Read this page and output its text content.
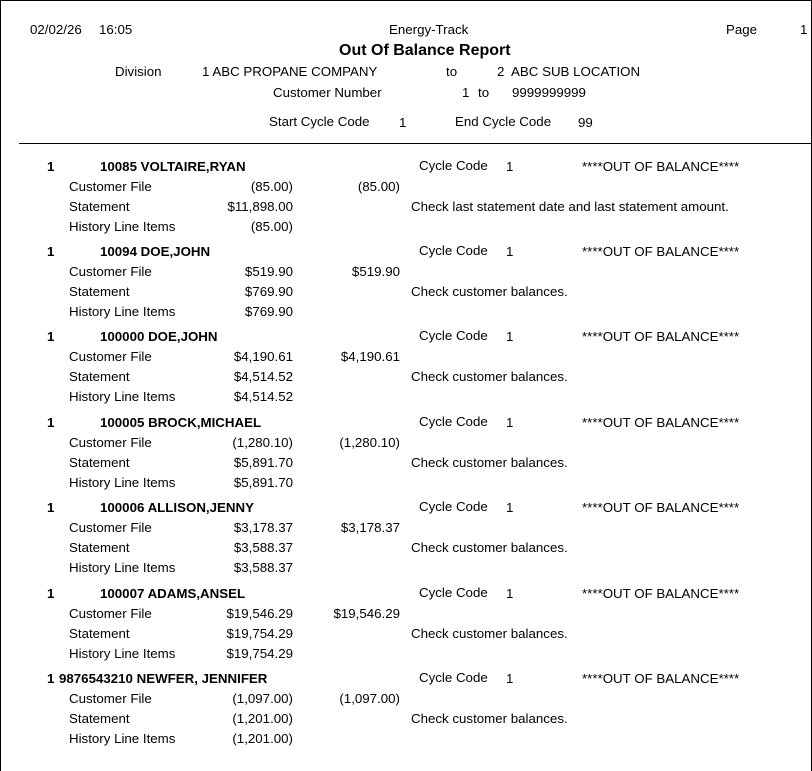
02/02/26 16:05	Energy-Track	Page	1
Out Of Balance Report
Division	1 ABC PROPANE COMPANY	to	2  ABC SUB LOCATION
Customer Number	1 to 9999999999
Start Cycle Code 1	End Cycle Code 99
1	10085 VOLTAIRE,RYAN	Cycle Code 1	****OUT OF BALANCE****
Customer File	(85.00)	(85.00)
Statement	$11,898.00	Check last statement date and last statement amount.
History Line Items	(85.00)
1	10094 DOE,JOHN	Cycle Code 1	****OUT OF BALANCE****
Customer File	$519.90	$519.90
Statement	$769.90	Check customer balances.
History Line Items	$769.90
1	100000 DOE,JOHN	Cycle Code 1	****OUT OF BALANCE****
Customer File	$4,190.61	$4,190.61
Statement	$4,514.52	Check customer balances.
History Line Items	$4,514.52
1	100005 BROCK,MICHAEL	Cycle Code 1	****OUT OF BALANCE****
Customer File	(1,280.10)	(1,280.10)
Statement	$5,891.70	Check customer balances.
History Line Items	$5,891.70
1	100006 ALLISON,JENNY	Cycle Code 1	****OUT OF BALANCE****
Customer File	$3,178.37	$3,178.37
Statement	$3,588.37	Check customer balances.
History Line Items	$3,588.37
1	100007 ADAMS,ANSEL	Cycle Code 1	****OUT OF BALANCE****
Customer File	$19,546.29	$19,546.29
Statement	$19,754.29	Check customer balances.
History Line Items	$19,754.29
1 9876543210 NEWFER, JENNIFER	Cycle Code 1	****OUT OF BALANCE****
Customer File	(1,097.00)	(1,097.00)
Statement	(1,201.00)	Check customer balances.
History Line Items	(1,201.00)
